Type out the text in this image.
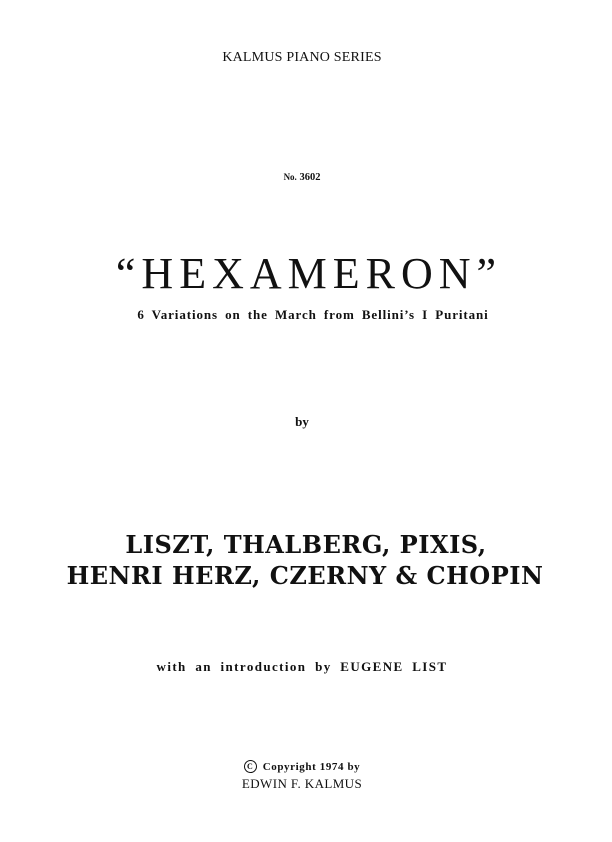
KALMUS PIANO SERIES
No. 3602
“HEXAMERON”
6 Variations on the March from Bellini’s I Puritani
by
LISZT, THALBERG, PIXIS,
HENRI HERZ, CZERNY & CHOPIN
with an introduction by EUGENE LIST
C Copyright 1974 by
EDWIN F. KALMUS
